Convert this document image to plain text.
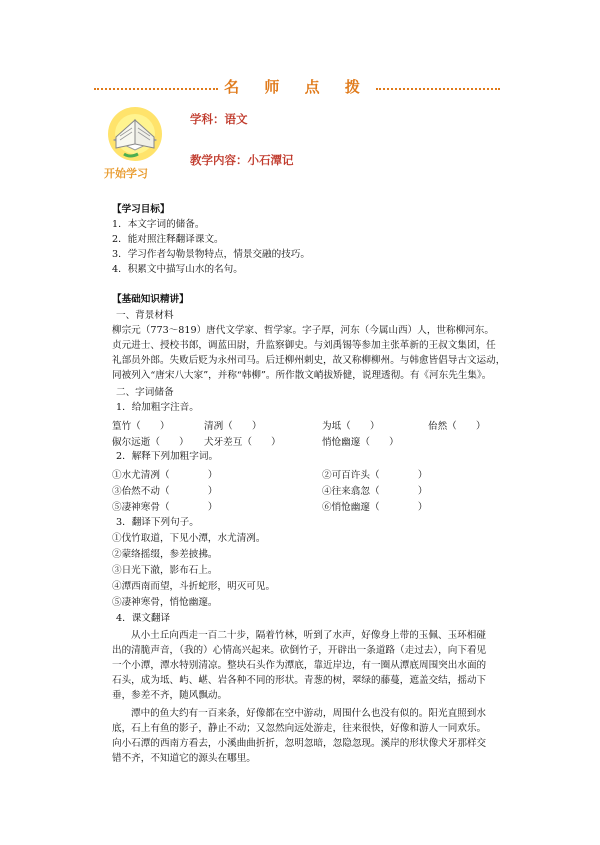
名 师 点 拨
开始学习
学科：语文
教学内容：小石潭记
【学习目标】
1．本文字词的储备。
2．能对照注释翻译课文。
3．学习作者勾勒景物特点，情景交融的技巧。
4．积累文中描写山水的名句。
【基础知识精讲】
一、背景材料
柳宗元（773～819）唐代文学家、哲学家。字子厚，河东（今属山西）人，世称柳河东。
贞元进士、授校书郎，调蓝田尉，升监察御史。与刘禹锡等参加主张革新的王叔文集团，任
礼部员外郎。失败后贬为永州司马。后迁柳州刺史，故又称柳柳州。与韩愈皆倡导古文运动，
同被列入“唐宋八大家”，并称“韩柳”。所作散文峭拔矫健，说理透彻。有《河东先生集》。
二、字词储备
1．给加粗字注音。
篁竹（　　）	清冽（　　）	为坻（　　）	佁然（　　）
俶尔远逝（　　） 犬牙差互（　　）	悄怆幽邃（　　）
2．解释下列加粗字词。
①水尤清冽（　　　　）	②可百许头（　　　　）
③佁然不动（　　　　）	④往来翕忽（　　　　）
⑤凄神寒骨（　　　　）	⑥悄怆幽邃（　　　　）
3．翻译下列句子。
①伐竹取道，下见小潭，水尤清冽。
②蒙络摇缀，参差披拂。
③日光下澈，影布石上。
④潭西南而望，斗折蛇形，明灭可见。
⑤凄神寒骨，悄怆幽邃。
4．课文翻译
从小土丘向西走一百二十步，隔着竹林，听到了水声，好像身上带的玉佩、玉环相碰出的清脆声音，（我的）心情高兴起来。砍倒竹子，开辟出一条道路（走过去），向下看见一个小潭，潭水特别清凉。整块石头作为潭底，靠近岸边，有一圈从潭底周围突出水面的石头，成为坻、屿、嵁、岩各种不同的形状。青葱的树，翠绿的藤蔓，遮盖交结，摇动下垂，参差不齐，随风飘动。
潭中的鱼大约有一百来条，好像都在空中游动，周围什么也没有似的。阳光直照到水底，石上有鱼的影子，静止不动；又忽然向远处游走，往来很快，好像和游人一同欢乐。向小石潭的西南方看去，小溪曲曲折折，忽明忽暗，忽隐忽现。溪岸的形状像犬牙那样交错不齐，不知道它的源头在哪里。
